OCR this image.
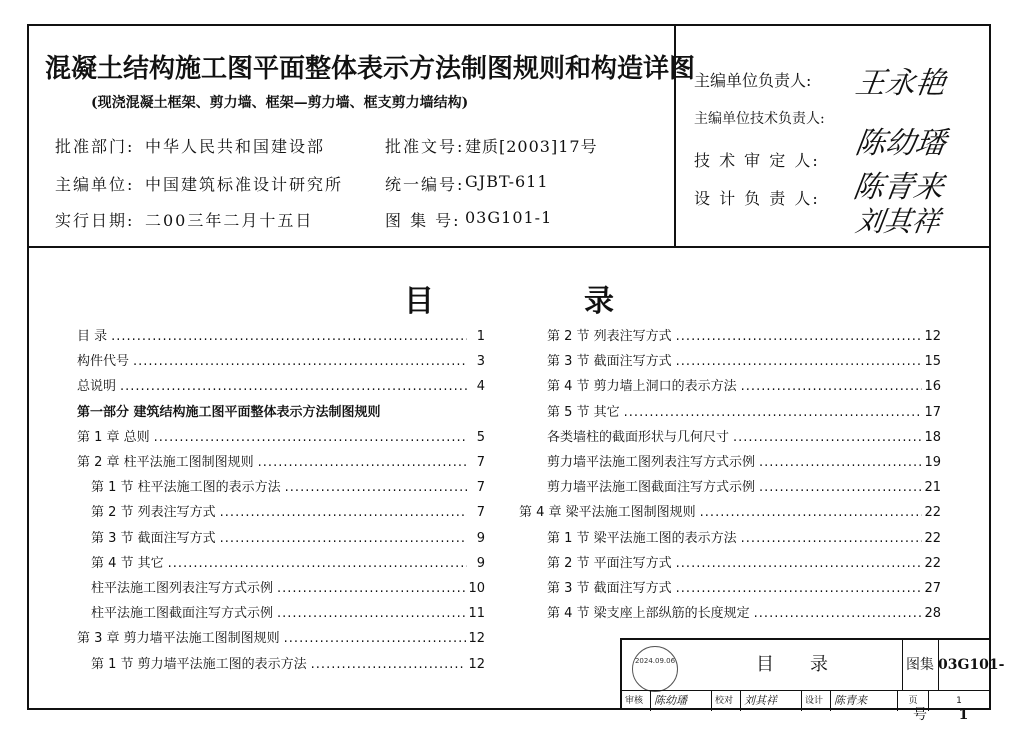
混凝土结构施工图平面整体表示方法制图规则和构造详图
(现浇混凝土框架、剪力墙、框架—剪力墙、框支剪力墙结构)
批准部门: 中华人民共和国建设部	批准文号: 建质[2003]17号
主编单位: 中国建筑标准设计研究所	统一编号: GJBT-611
实行日期: 二00三年二月十五日	图 集 号: 03G101-1
主编单位负责人: 王永艳
主编单位技术负责人:
陈幼璠
技 术 审 定 人:
陈青来
设 计 负 责 人:
刘其祥
目录
目 录 .....	1
构件代号 .....	3
总说明 .....	4
第一部分 建筑结构施工图平面整体表示方法制图规则
第 1 章 总则 .....	5
第 2 章 柱平法施工图制图规则 .....	7
第 1 节 柱平法施工图的表示方法 .....	7
第 2 节 列表注写方式 .....	7
第 3 节 截面注写方式 .....	9
第 4 节 其它 .....	9
柱平法施工图列表注写方式示例 .....	10
柱平法施工图截面注写方式示例 .....	11
第 3 章 剪力墙平法施工图制图规则 .....	12
第 1 节 剪力墙平法施工图的表示方法 .....	12
第 2 节 列表注写方式 .....	12
第 3 节 截面注写方式 .....	15
第 4 节 剪力墙上洞口的表示方法 .....	16
第 5 节 其它 .....	17
各类墙柱的截面形状与几何尺寸 .....	18
剪力墙平法施工图列表注写方式示例 .....	19
剪力墙平法施工图截面注写方式示例 .....	21
第 4 章 梁平法施工图制图规则 .....	22
第 1 节 梁平法施工图的表示方法 .....	22
第 2 节 平面注写方式 .....	22
第 3 节 截面注写方式 .....	27
第 4 节 梁支座上部纵筋的长度规定 .....	28
2024.09.06	目录	图集号
03G101-1
审核 陈幼璠	校对 刘其祥	设计 陈青来	页	1
